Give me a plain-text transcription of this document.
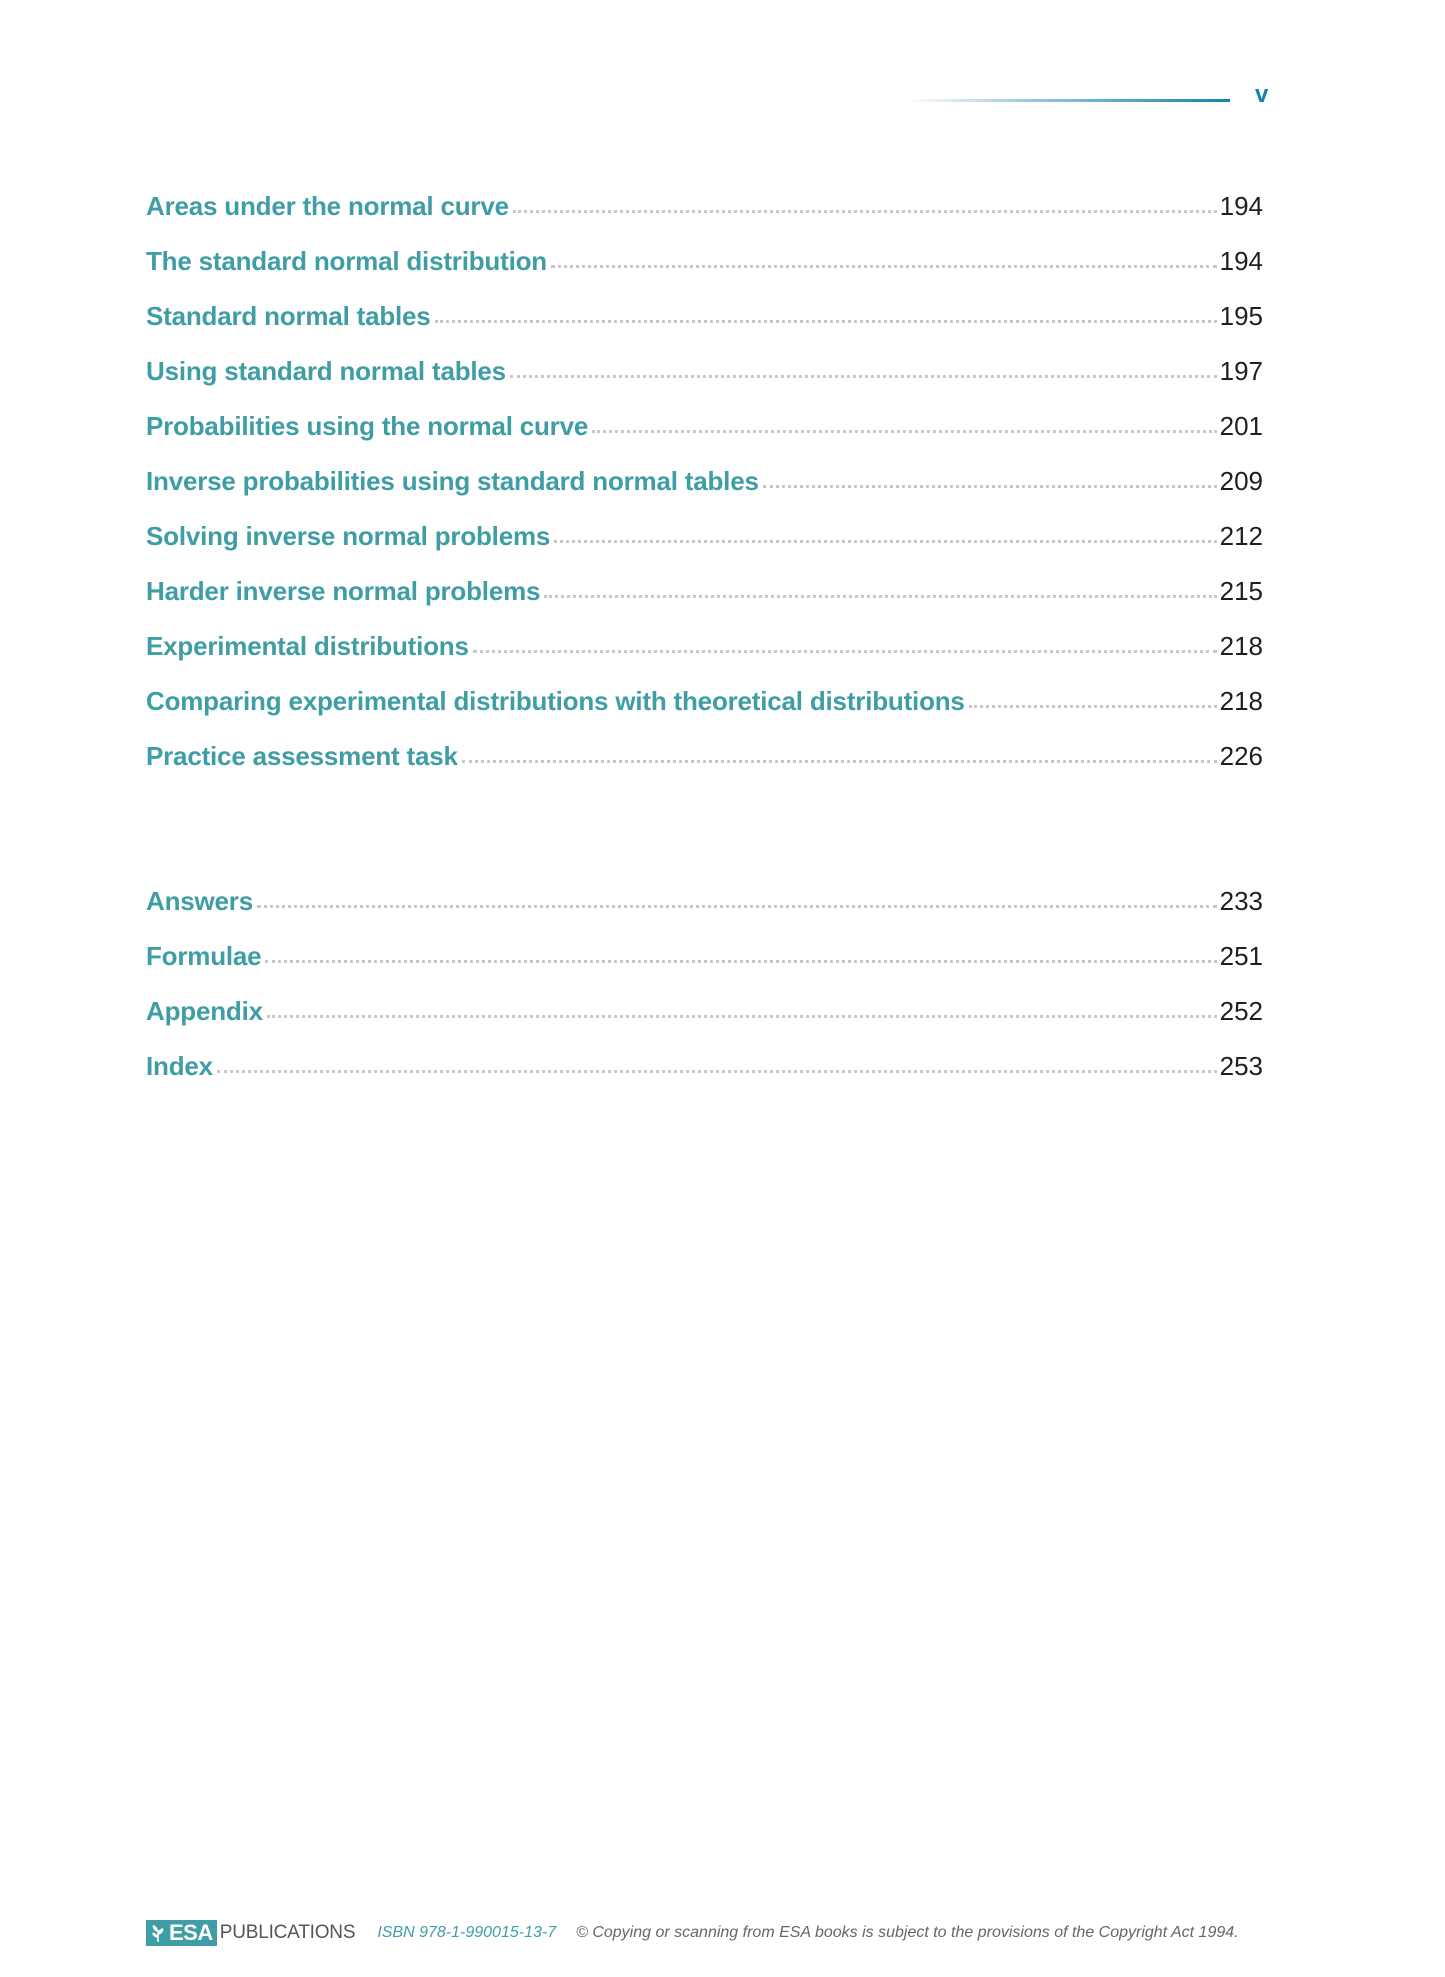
v
Areas under the normal curve	194
The standard normal distribution	194
Standard normal tables	195
Using standard normal tables	197
Probabilities using the normal curve	201
Inverse probabilities using standard normal tables	209
Solving inverse normal problems	212
Harder inverse normal problems	215
Experimental distributions	218
Comparing experimental distributions with theoretical distributions	218
Practice assessment task	226
Answers	233
Formulae	251
Appendix	252
Index	253
ESA PUBLICATIONS ISBN 978-1-990015-13-7 © Copying or scanning from ESA books is subject to the provisions of the Copyright Act 1994.
